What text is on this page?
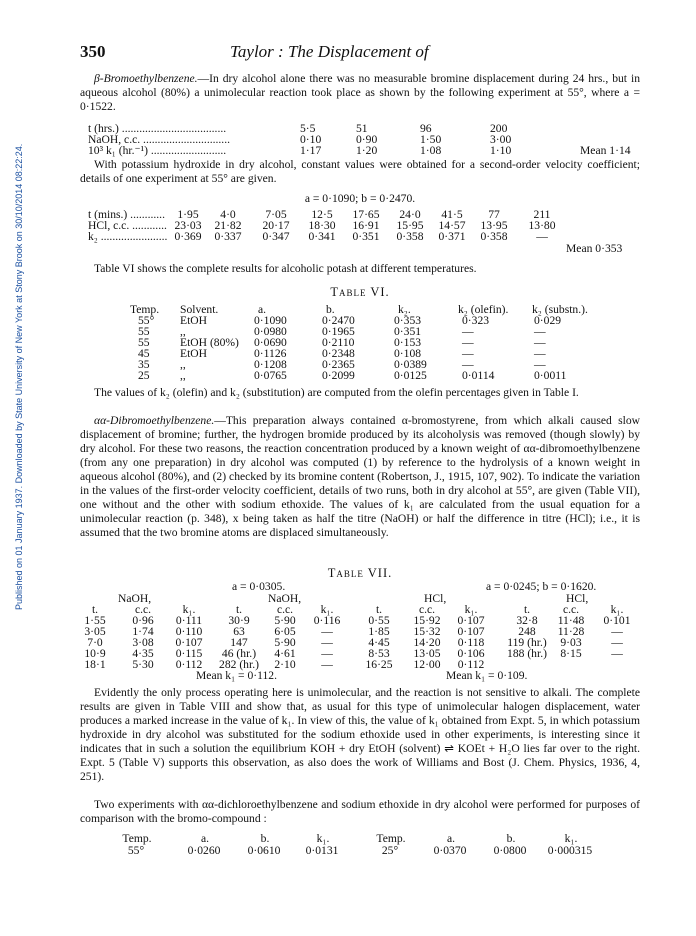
Published on 01 January 1937. Downloaded by State University of New York at Stony Brook on 30/10/2014 08:22:24.
350	Taylor : The Displacement of

β-Bromoethylbenzene.—In dry alcohol alone there was no measurable bromine displacement during 24 hrs., but in aqueous alcohol (80%) a unimolecular reaction took place as shown by the following experiment at 55°, where a = 0·1522.

t (hrs.) ....................................	5·5	51	96	200
NaOH, c.c. ..............................	0·10	0·90	1·50	3·00
10³ k₁ (hr.⁻¹) ..........................	1·17	1·20	1·08	1·10	Mean 1·14

With potassium hydroxide in dry alcohol, constant values were obtained for a second-order velocity coefficient; details of one experiment at 55° are given.

a = 0·1090; b = 0·2470.
t (mins.) ............	1·95	4·0	7·05	12·5	17·65	24·0	41·5	77	211
HCl, c.c. ............ 23·03	21·82	20·17	18·30	16·91	15·95	14·57	13·95	13·80
k₂ ....................... 0·369	0·337	0·347	0·341	0·351	0·358	0·371	0·358	—
Mean 0·353

Table VI shows the complete results for alcoholic potash at different temperatures.

Table VI.
Temp. Solvent.	a.	b.	k₂.	k₂ (olefin). k₂ (substn.).
55° EtOH	0·1090	0·2470	0·353	0·323	0·029
55	,,	0·0980	0·1965	0·351	—	—
55	EtOH (80%) 0·0690	0·2110	0·153	—	—
45	EtOH	0·1126	0·2348	0·108	—	—
35	,,	0·1208	0·2365	0·0389	—	—
25	,,	0·0765	0·2099	0·0125	0·0114	0·0011

The values of k₂ (olefin) and k₂ (substitution) are computed from the olefin percentages given in Table I.

αα-Dibromoethylbenzene.—This preparation always contained α-bromostyrene, from which alkali caused slow displacement of bromine; further, the hydrogen bromide produced by its alcoholysis was removed (though slowly) by dry alcohol. For these two reasons, the reaction concentration produced by a known weight of αα-dibromoethylbenzene (from any one preparation) in dry alcohol was computed (1) by reference to the hydrolysis of a known weight in aqueous alcohol (80%), and (2) checked by its bromine content (Robertson, J., 1915, 107, 902). To indicate the variation in the values of the first-order velocity coefficient, details of two runs, both in dry alcohol at 55°, are given (Table VII), one without and the other with sodium ethoxide. The values of k₁ are calculated from the usual equation for a unimolecular reaction (p. 348), x being taken as half the titre (NaOH) or half the difference in titre (HCl); i.e., it is assumed that the two bromine atoms are displaced simultaneously.

Table VII.
a = 0·0305.	a = 0·0245; b = 0·1620.
NaOH,	NaOH,	HCl,	HCl,
t.	c.c.	k₁.	t.	c.c.	k₁.	t.	c.c.	k₁.	t.	c.c.	k₁.
1·55	0·96	0·111	30·9	5·90	0·116	0·55	15·92	0·107	32·8	11·48	0·101
3·05	1·74	0·110	63	6·05	—	1·85	15·32	0·107	248	11·28	—
7·0	3·08	0·107	147	5·90	—	4·45	14·20	0·118	119 (hr.)	9·03	—
10·9	4·35	0·115	46 (hr.)	4·61	—	8·53	13·05	0·106	188 (hr.)	8·15	—
18·1	5·30	0·112	282 (hr.)	2·10	—	16·25	12·00	0·112
Mean k₁ = 0·112.	Mean k₁ = 0·109.

Evidently the only process operating here is unimolecular, and the reaction is not sensitive to alkali. The complete results are given in Table VIII and show that, as usual for this type of unimolecular halogen displacement, water produces a marked increase in the value of k₁. In view of this, the value of k₁ obtained from Expt. 5, in which potassium hydroxide in dry alcohol was substituted for the sodium ethoxide used in other experiments, is interesting since it indicates that in such a solution the equilibrium KOH + dry EtOH (solvent) ⇌ KOEt + H₂O lies far over to the right. Expt. 5 (Table V) supports this observation, as also does the work of Williams and Bost (J. Chem. Physics, 1936, 4, 251).

Two experiments with αα-dichloroethylbenzene and sodium ethoxide in dry alcohol were performed for purposes of comparison with the bromo-compound :

Temp.	a.	b.	k₁.	Temp.	a.	b.	k₁.
55°	0·0260	0·0610	0·0131	25°	0·0370	0·0800	0·000315
